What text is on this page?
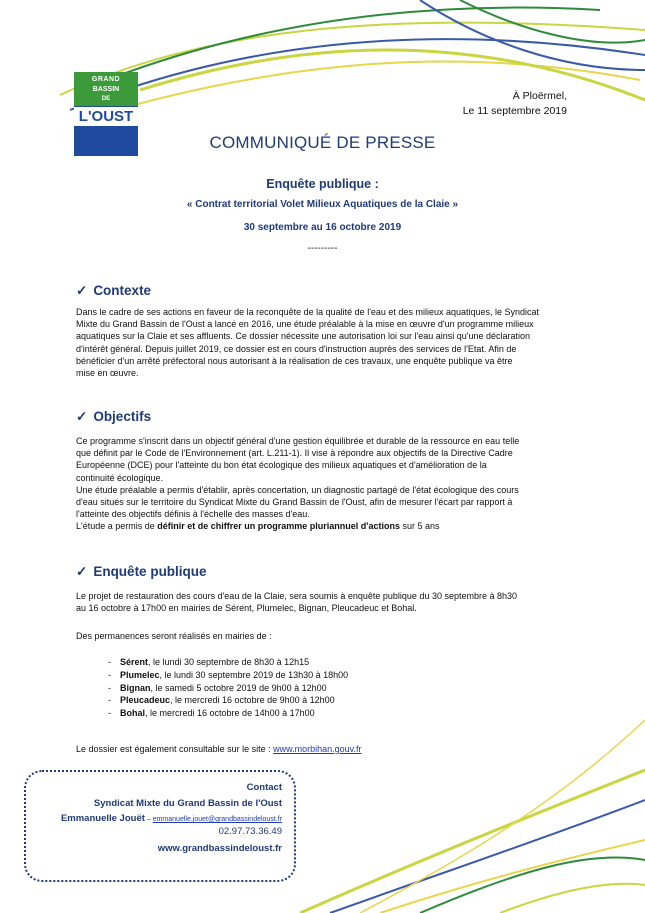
GRAND
BASSIN
DE
L'OUST
À Ploërmel,
Le 11 septembre 2019
COMMUNIQUÉ DE PRESSE
Enquête publique :
« Contrat territorial Volet Milieux Aquatiques de la Claie »
30 septembre au 16 octobre 2019
---------
✓ Contexte
Dans le cadre de ses actions en faveur de la reconquête de la qualité de l'eau et des milieux aquatiques, le Syndicat
Mixte du Grand Bassin de l'Oust a lancé en 2016, une étude préalable à la mise en œuvre d'un programme milieux
aquatiques sur la Claie et ses affluents. Ce dossier nécessite une autorisation loi sur l'eau ainsi qu'une déclaration
d'intérêt général. Depuis juillet 2019, ce dossier est en cours d'instruction auprès des services de l'Etat. Afin de
bénéficier d'un arrêté préfectoral nous autorisant à la réalisation de ces travaux, une enquête publique va être
mise en œuvre.
✓ Objectifs
Ce programme s'inscrit dans un objectif général d'une gestion équilibrée et durable de la ressource en eau telle
que définit par le Code de l'Environnement (art. L.211-1). Il vise à répondre aux objectifs de la Directive Cadre
Européenne (DCE) pour l'atteinte du bon état écologique des milieux aquatiques et d'amélioration de la
continuité écologique.
Une étude préalable a permis d'établir, après concertation, un diagnostic partagé de l'état écologique des cours
d'eau situés sur le territoire du Syndicat Mixte du Grand Bassin de l'Oust, afin de mesurer l'écart par rapport à
l'atteinte des objectifs définis à l'échelle des masses d'eau.
L'étude a permis de définir et de chiffrer un programme pluriannuel d'actions sur 5 ans
✓ Enquête publique
Le projet de restauration des cours d'eau de la Claie, sera soumis à enquête publique du 30 septembre à 8h30
au 16 octobre à 17h00 en mairies de Sérent, Plumelec, Bignan, Pleucadeuc et Bohal.
Des permanences seront réalisés en mairies de :
- Sérent, le lundi 30 septembre de 8h30 à 12h15
- Plumelec, le lundi 30 septembre 2019 de 13h30 à 18h00
- Bignan, le samedi 5 octobre 2019 de 9h00 à 12h00
- Pleucadeuc, le mercredi 16 octobre de 9h00 à 12h00
- Bohal, le mercredi 16 octobre de 14h00 à 17h00
Le dossier est également consultable sur le site : www.morbihan.gouv.fr
Contact
Syndicat Mixte du Grand Bassin de l'Oust
Emmanuelle Jouët – emmanuelle.jouet@grandbassindeloust.fr
02.97.73.36.49
www.grandbassindeloust.fr
